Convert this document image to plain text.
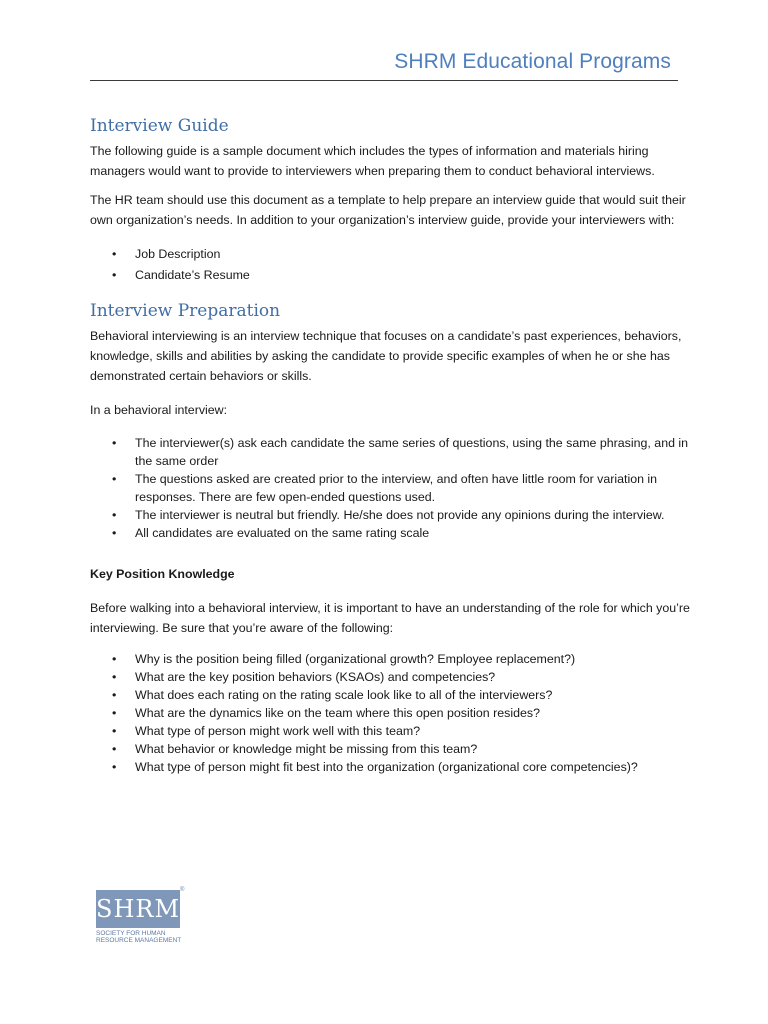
SHRM Educational Programs
Interview Guide

The following guide is a sample document which includes the types of information and materials hiring managers would want to provide to interviewers when preparing them to conduct behavioral interviews.

The HR team should use this document as a template to help prepare an interview guide that would suit their own organization’s needs. In addition to your organization’s interview guide, provide your interviewers with:

• Job Description
• Candidate’s Resume
Interview Preparation

Behavioral interviewing is an interview technique that focuses on a candidate’s past experiences, behaviors, knowledge, skills and abilities by asking the candidate to provide specific examples of when he or she has demonstrated certain behaviors or skills.

In a behavioral interview:

• The interviewer(s) ask each candidate the same series of questions, using the same phrasing, and in the same order
• The questions asked are created prior to the interview, and often have little room for variation in responses. There are few open-ended questions used.
• The interviewer is neutral but friendly. He/she does not provide any opinions during the interview.
• All candidates are evaluated on the same rating scale
Key Position Knowledge

Before walking into a behavioral interview, it is important to have an understanding of the role for which you’re interviewing. Be sure that you’re aware of the following:

• Why is the position being filled (organizational growth? Employee replacement?)
• What are the key position behaviors (KSAOs) and competencies?
• What does each rating on the rating scale look like to all of the interviewers?
• What are the dynamics like on the team where this open position resides?
• What type of person might work well with this team?
• What behavior or knowledge might be missing from this team?
• What type of person might fit best into the organization (organizational core competencies)?
SHRM
®
SOCIETY FOR HUMAN RESOURCE MANAGEMENT
